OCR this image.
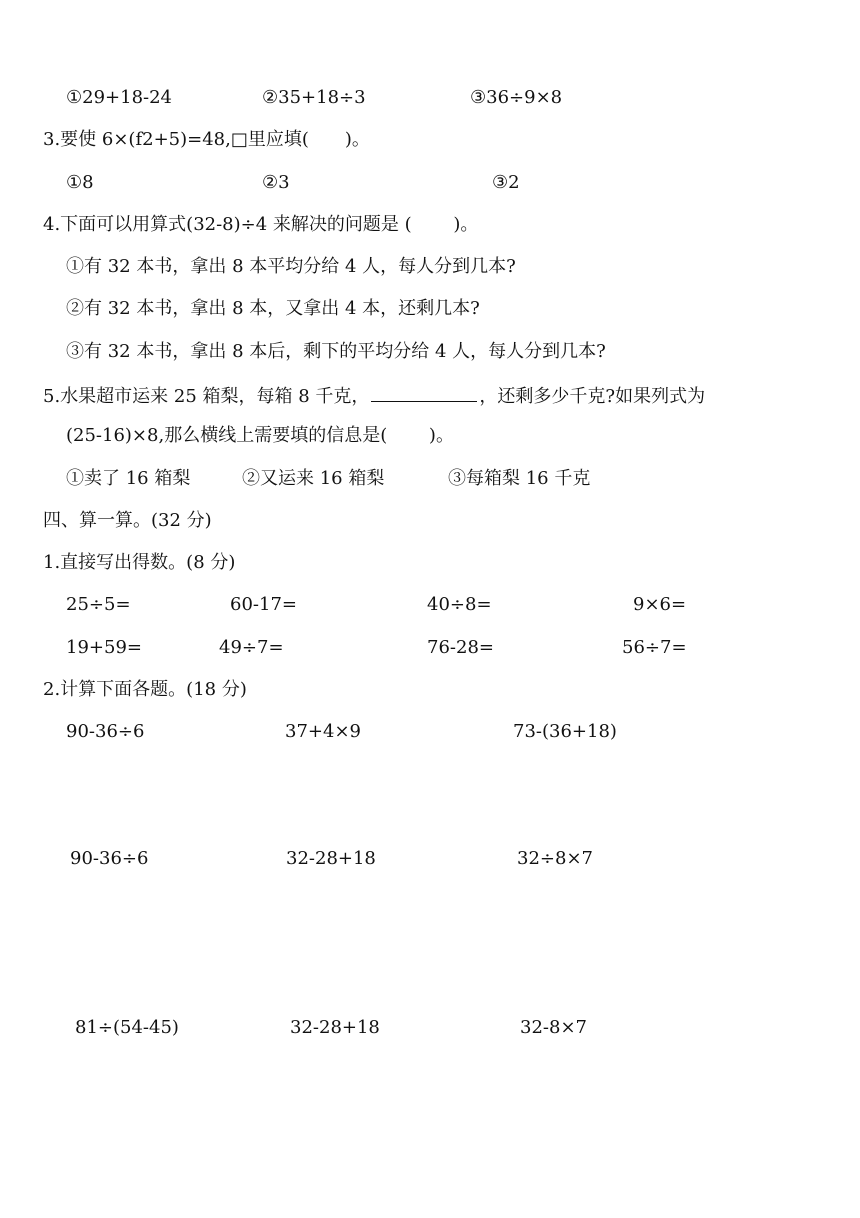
①29+18-24	②35+18÷3	③36÷9×8
3.要使 6×(f2+5)=48,□里应填(　　)。
①8	②3	③2
4.下面可以用算式(32-8)÷4 来解决的问题是 (　　 )。
①有 32 本书，拿出 8 本平均分给 4 人，每人分到几本?
②有 32 本书，拿出 8 本，又拿出 4 本，还剩几本?
③有 32 本书，拿出 8 本后，剩下的平均分给 4 人，每人分到几本?
5.水果超市运来 25 箱梨，每箱 8 千克，	，还剩多少千克?如果列式为
(25-16)×8,那么横线上需要填的信息是(　　 )。
①卖了 16 箱梨	②又运来 16 箱梨	③每箱梨 16 千克
四、算一算。(32 分)
1.直接写出得数。(8 分)
25÷5=	60-17=	40÷8=	9×6=
19+59=	49÷7=	76-28=	56÷7=
2.计算下面各题。(18 分)
90-36÷6	37+4×9	73-(36+18)
90-36÷6	32-28+18	32÷8×7
81÷(54-45)	32-28+18	32-8×7
